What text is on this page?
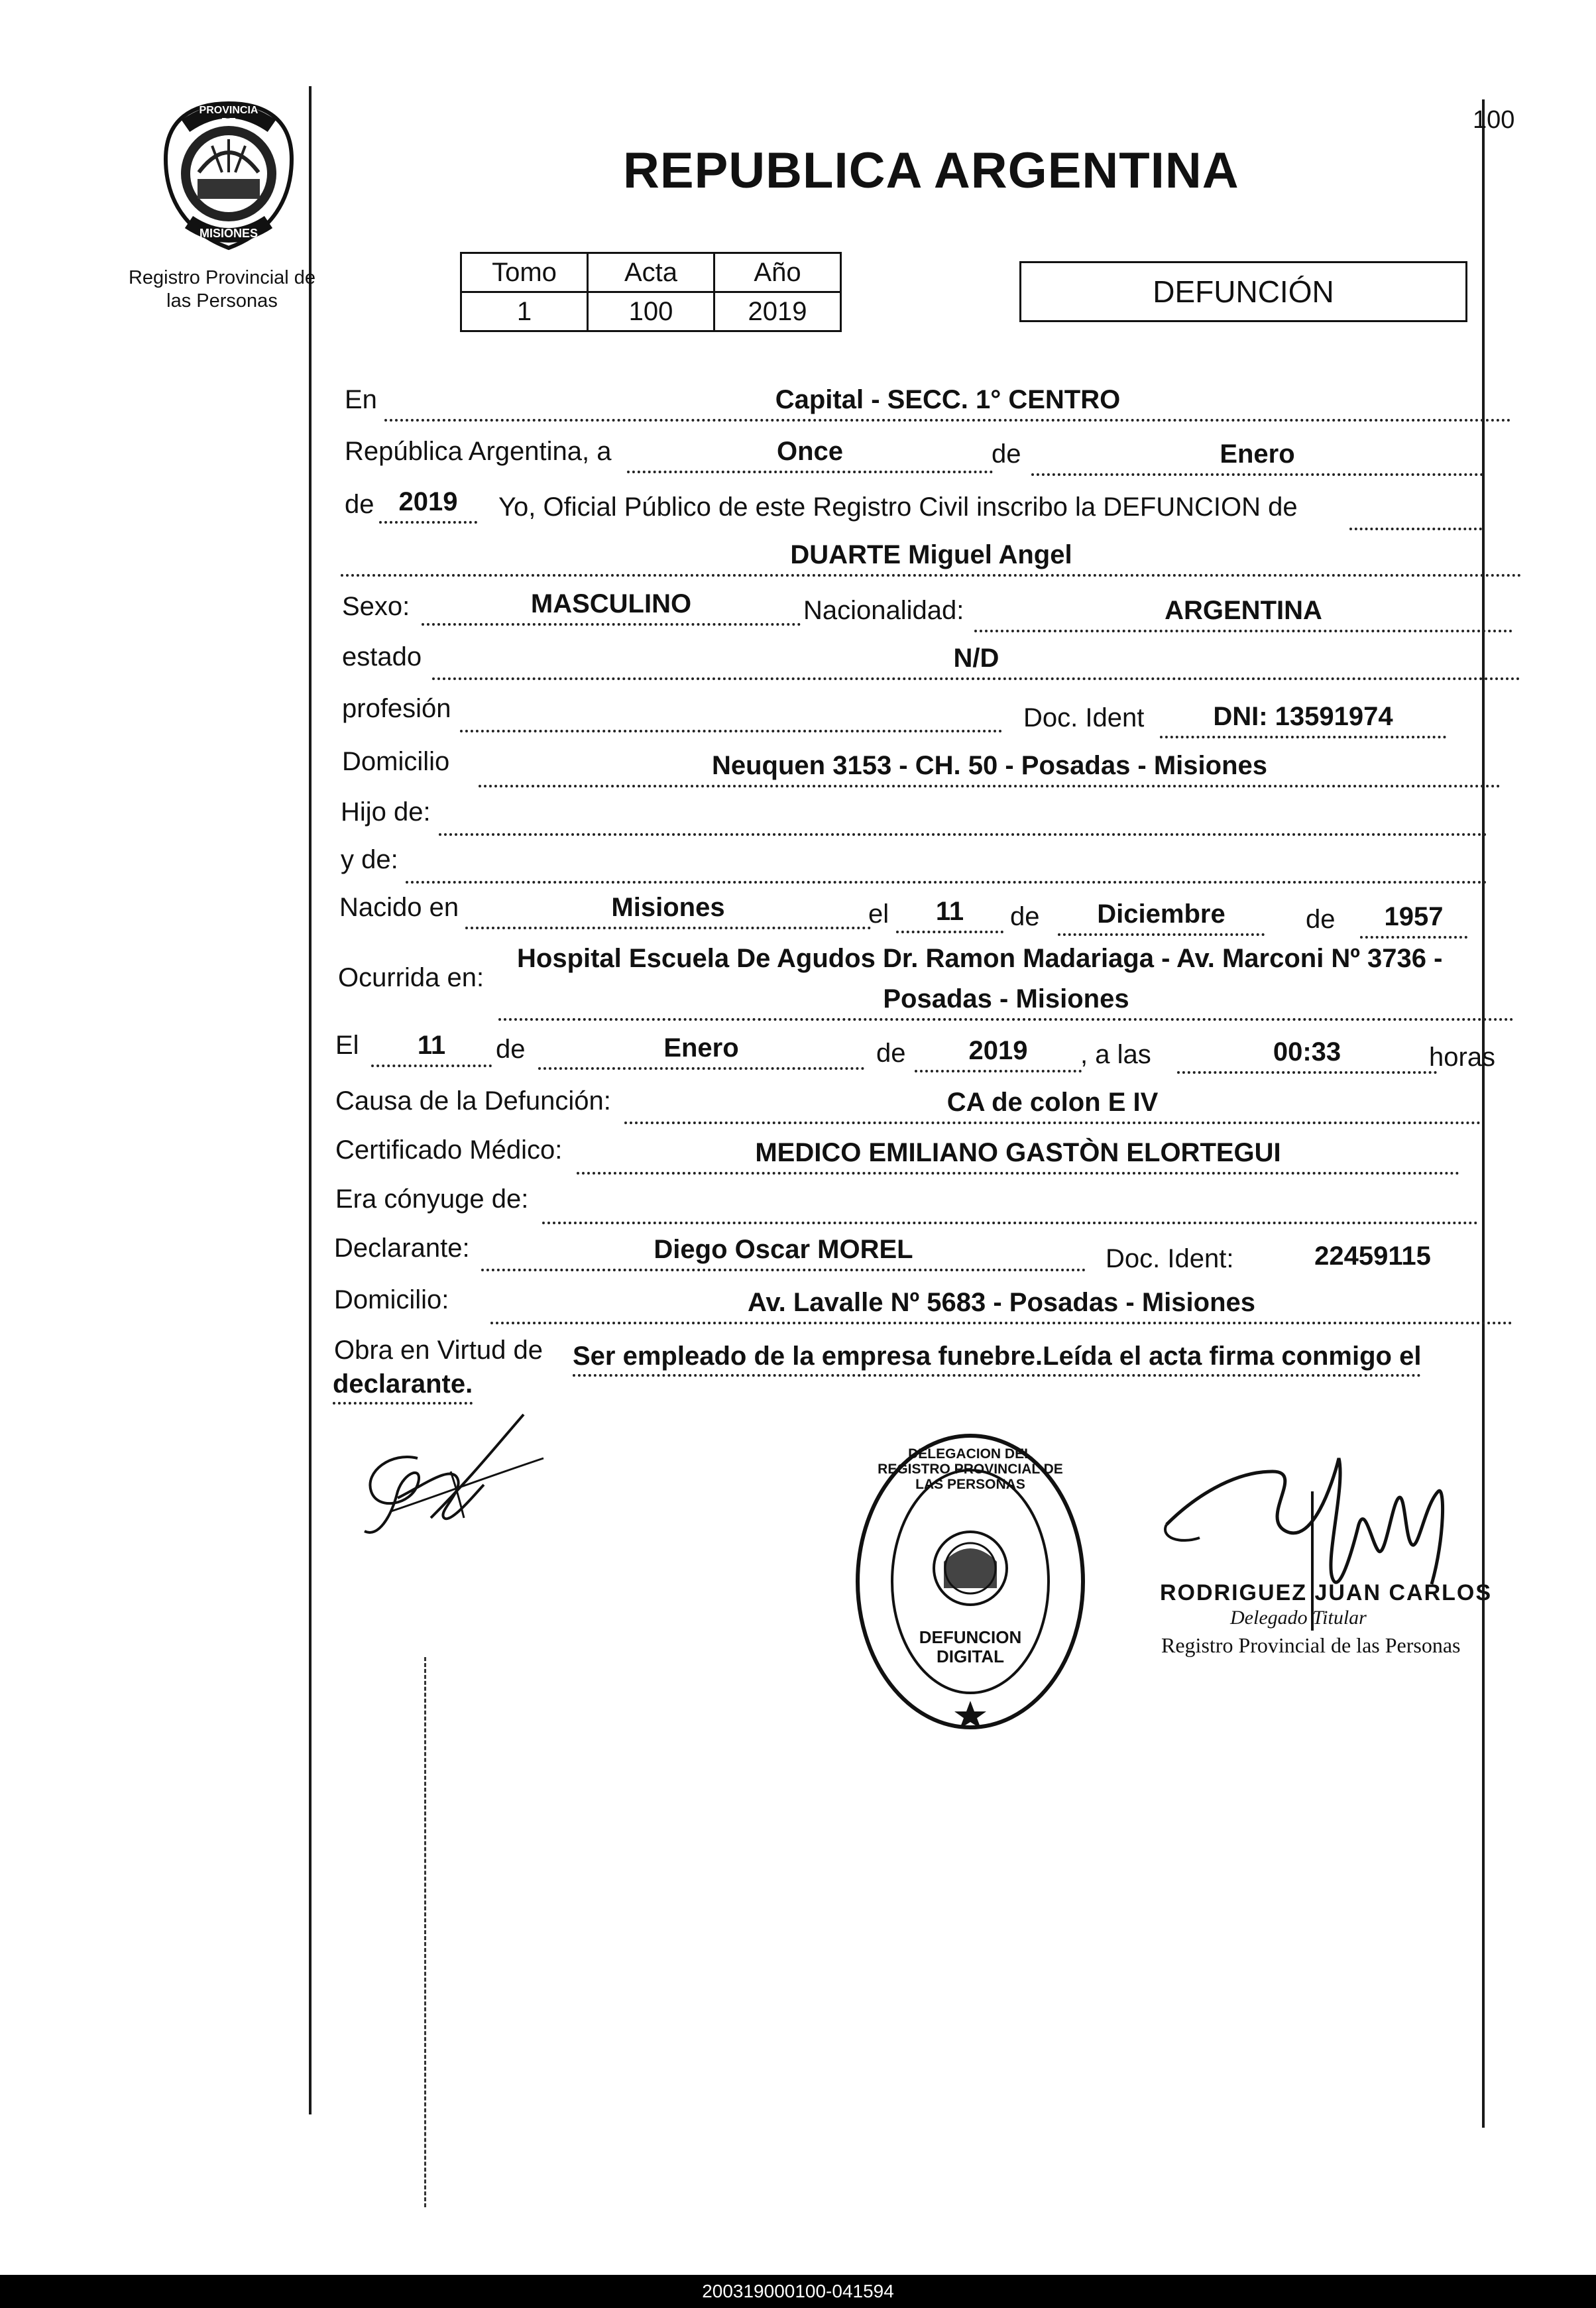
100
PROVINCIA DE
MISIONES
Registro Provincial de
las Personas
REPUBLICA ARGENTINA
Tomo	Acta	Año
1	100	2019
DEFUNCIÓN
En	Capital - SECC. 1° CENTRO
República Argentina, a	Once	de	Enero
de 2019	Yo, Oficial Público de este Registro Civil inscribo la DEFUNCION de
DUARTE Miguel Angel
Sexo:	MASCULINO	Nacionalidad:	ARGENTINA
estado	N/D
profesión	Doc. Ident	DNI: 13591974
Domicilio	Neuquen 3153 - CH. 50 - Posadas - Misiones
Hijo de:
y de:
Nacido en	Misiones	el	11	de	Diciembre	de	1957
Ocurrida en:
Hospital Escuela De Agudos Dr. Ramon Madariaga - Av. Marconi Nº 3736 -
Posadas - Misiones
El	11	de	Enero	de	2019	, a las	00:33	horas
Causa de la Defunción:	CA de colon E IV
Certificado Médico:	MEDICO EMILIANO GASTÒN ELORTEGUI
Era cónyuge de:
Declarante:	Diego Oscar MOREL	Doc. Ident:	22459115
Domicilio:	Av. Lavalle Nº 5683 - Posadas - Misiones
Obra en Virtud de Ser empleado de la empresa funebre.Leída el acta firma conmigo el
declarante.
DELEGACION DEL REGISTRO PROVINCIAL DE LAS PERSONAS
DEFUNCION DIGITAL
RODRIGUEZ JUAN CARLOS
Delegado Titular
Registro Provincial de las Personas
200319000100-041594
